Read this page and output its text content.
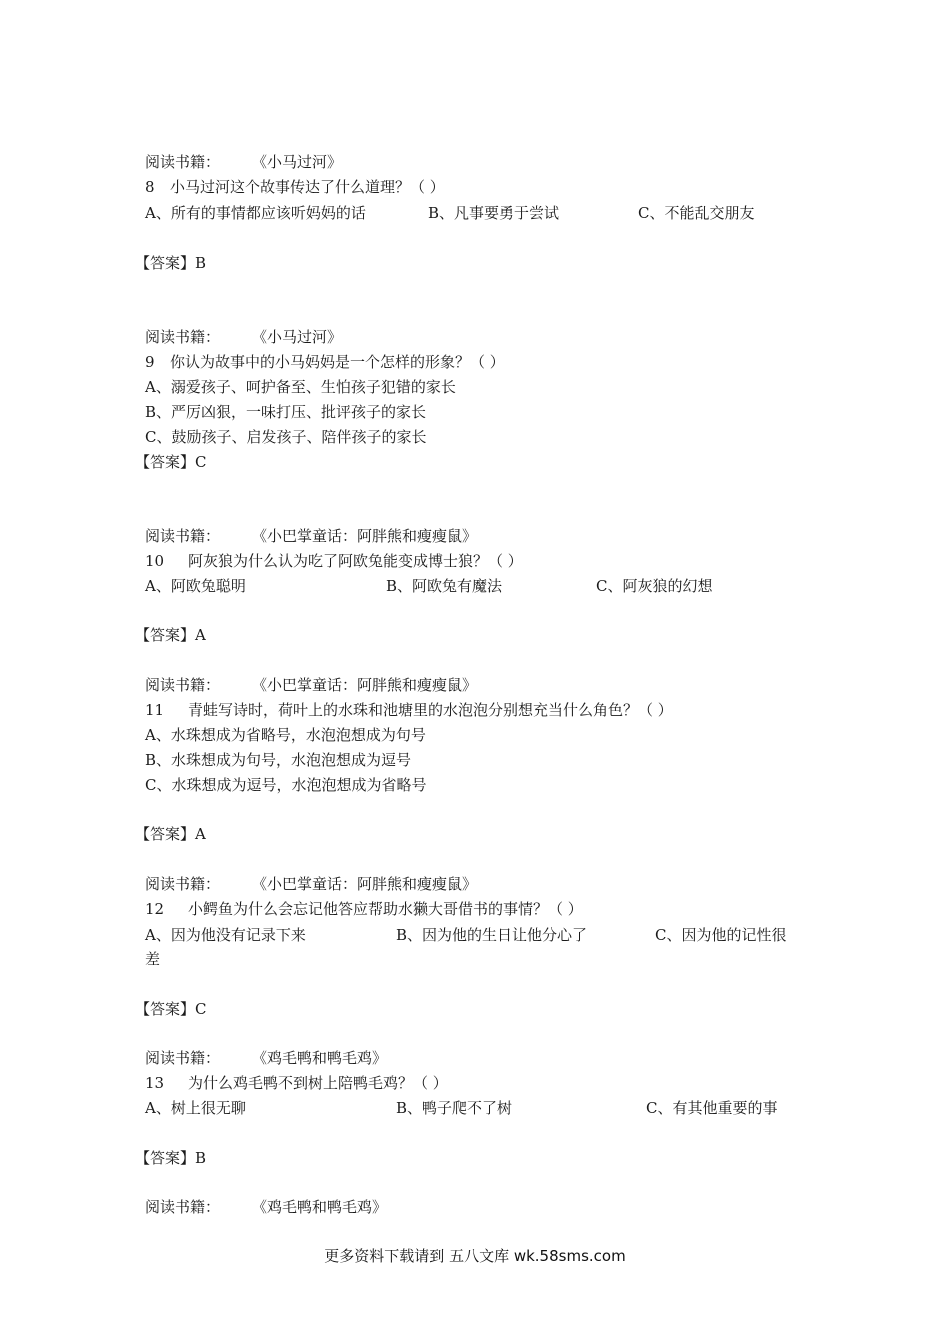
阅读书籍： 《小马过河》
8 小马过河这个故事传达了什么道理？（ ）
A、所有的事情都应该听妈妈的话	B、凡事要勇于尝试	C、不能乱交朋友
【答案】B
阅读书籍： 《小马过河》
9 你认为故事中的小马妈妈是一个怎样的形象？（ ）
A、溺爱孩子、呵护备至、生怕孩子犯错的家长
B、严厉凶狠，一味打压、批评孩子的家长
C、鼓励孩子、启发孩子、陪伴孩子的家长
【答案】C
阅读书籍： 《小巴掌童话：阿胖熊和瘦瘦鼠》
10 阿灰狼为什么认为吃了阿欧兔能变成博士狼？（ ）
A、阿欧兔聪明	B、阿欧兔有魔法	C、阿灰狼的幻想
【答案】A
阅读书籍： 《小巴掌童话：阿胖熊和瘦瘦鼠》
11 青蛙写诗时，荷叶上的水珠和池塘里的水泡泡分别想充当什么角色？（ ）
A、水珠想成为省略号，水泡泡想成为句号
B、水珠想成为句号，水泡泡想成为逗号
C、水珠想成为逗号，水泡泡想成为省略号
【答案】A
阅读书籍： 《小巴掌童话：阿胖熊和瘦瘦鼠》
12 小鳄鱼为什么会忘记他答应帮助水獭大哥借书的事情？（ ）
A、因为他没有记录下来	B、因为他的生日让他分心了	C、因为他的记性很
差
【答案】C
阅读书籍： 《鸡毛鸭和鸭毛鸡》
13 为什么鸡毛鸭不到树上陪鸭毛鸡？（ ）
A、树上很无聊	B、鸭子爬不了树	C、有其他重要的事
【答案】B
阅读书籍： 《鸡毛鸭和鸭毛鸡》
更多资料下载请到 五八文库 wk.58sms.com
